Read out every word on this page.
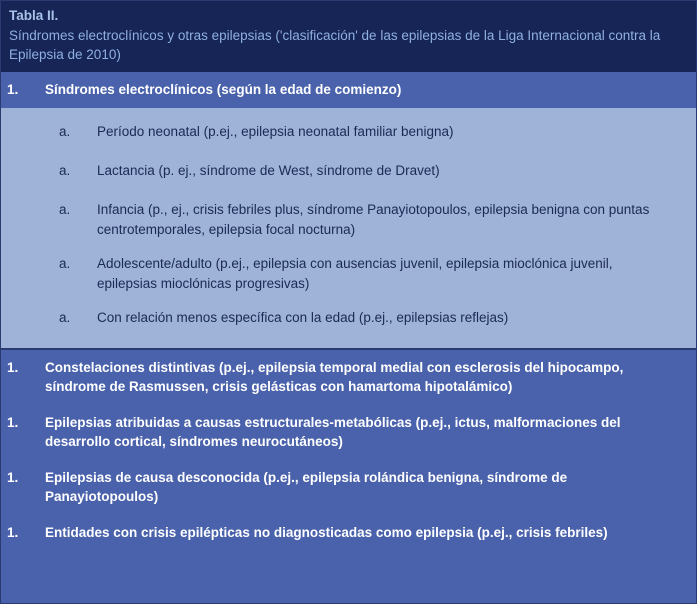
Tabla II.
Síndromes electroclínicos y otras epilepsias ('clasificación' de las epilepsias de la Liga Internacional contra la Epilepsia de 2010)
1.	Síndromes electroclínicos (según la edad de comienzo)
a.	Período neonatal (p.ej., epilepsia neonatal familiar benigna)
a.	Lactancia (p. ej., síndrome de West, síndrome de Dravet)
a.	Infancia (p., ej., crisis febriles plus, síndrome Panayiotopoulos, epilepsia benigna con puntas centrotemporales, epilepsia focal nocturna)
a.	Adolescente/adulto (p.ej., epilepsia con ausencias juvenil, epilepsia mioclónica juvenil, epilepsias mioclónicas progresivas)
a.	Con relación menos específica con la edad (p.ej., epilepsias reflejas)
1.	Constelaciones distintivas (p.ej., epilepsia temporal medial con esclerosis del hipocampo, síndrome de Rasmussen, crisis gelásticas con hamartoma hipotalámico)
1.	Epilepsias atribuidas a causas estructurales-metabólicas (p.ej., ictus, malformaciones del desarrollo cortical, síndromes neurocutáneos)
1.	Epilepsias de causa desconocida (p.ej., epilepsia rolándica benigna, síndrome de Panayiotopoulos)
1.	Entidades con crisis epilépticas no diagnosticadas como epilepsia (p.ej., crisis febriles)
